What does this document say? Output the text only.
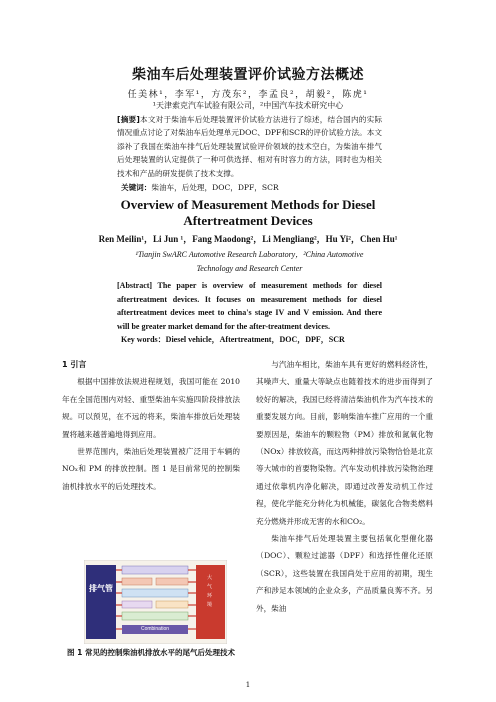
柴油车后处理装置评价试验方法概述
任美林¹，李军¹，方茂东²，李孟良²，胡毅²，陈虎¹
¹天津索克汽车试验有限公司，²中国汽车技术研究中心
[摘要]本文对于柴油车后处理装置评价试验方法进行了综述，结合国内的实际情况重点讨论了对柴油车后处理单元DOC、DPF和SCR的评价试验方法。本文添补了我国在柴油车排气后处理装置试验评价领域的技术空白，为柴油车排气后处理装置的认定提供了一种可供选择、相对有时容力的方法，同时也为相关技术和产品的研发提供了技术支撑。
关键词：柴油车，后处理，DOC，DPF，SCR
Overview of Measurement Methods for Diesel Aftertreatment Devices
Ren Meilin¹，Li Jun ¹，Fang Maodong²，Li Mengliang²，Hu Yi²，Chen Hu¹
¹Tianjin SwARC Automotive Research Laboratory，²China Automotive Technology and Research Center
[Abstract] The paper is overview of measurement methods for diesel aftertreatment devices. It focuses on measurement methods for diesel aftertreatment devices meet to china's stage IV and V emission. And there will be greater market demand for the after-treatment devices.
Key words：Diesel vehicle，Aftertreatment，DOC，DPF，SCR

1 引言

根据中国排放法规进程规划，我国可能在 2010 年在全国范围内对轻、重型柴油车实施四阶段排放法规。可以预见，在不远的将来，柴油车排放后处理装置将越来越普遍地得到应用。

世界范围内，柴油后处理装置被广泛用于车辆的 NOₓ和 PM 的排放控制。图 1 是目前常见的控制柴油机排放水平的后处理技术。

排气管
大气环境
Combination
图 1 常见的控制柴油机排放水平的尾气后处理技术

与汽油车相比，柴油车具有更好的燃料经济性，其噪声大、重量大等缺点也随着技术的进步而得到了较好的解决，我国已经将清洁柴油机作为汽车技术的重要发展方向。目前，影响柴油车推广应用的一个重要原因是，柴油车的颗粒物（PM）排放和氮氧化物（NOx）排放较高，而这两种排放污染物恰恰是北京等大城市的首要物染物。汽车发动机排放污染物治理通过依靠机内净化解决，即通过改善发动机工作过程，使化学能充分转化为机械能，碳氢化合物类燃料充分燃烧并形成无害的水和CO₂。

柴油车排气后处理装置主要包括氧化型催化器（DOC）、颗粒过滤器（DPF）和选择性催化还原（SCR），这些装置在我国尚处于应用的初期，现生产和涉足本领域的企业众多，产品质量良莠不齐。另外，柴油

1
